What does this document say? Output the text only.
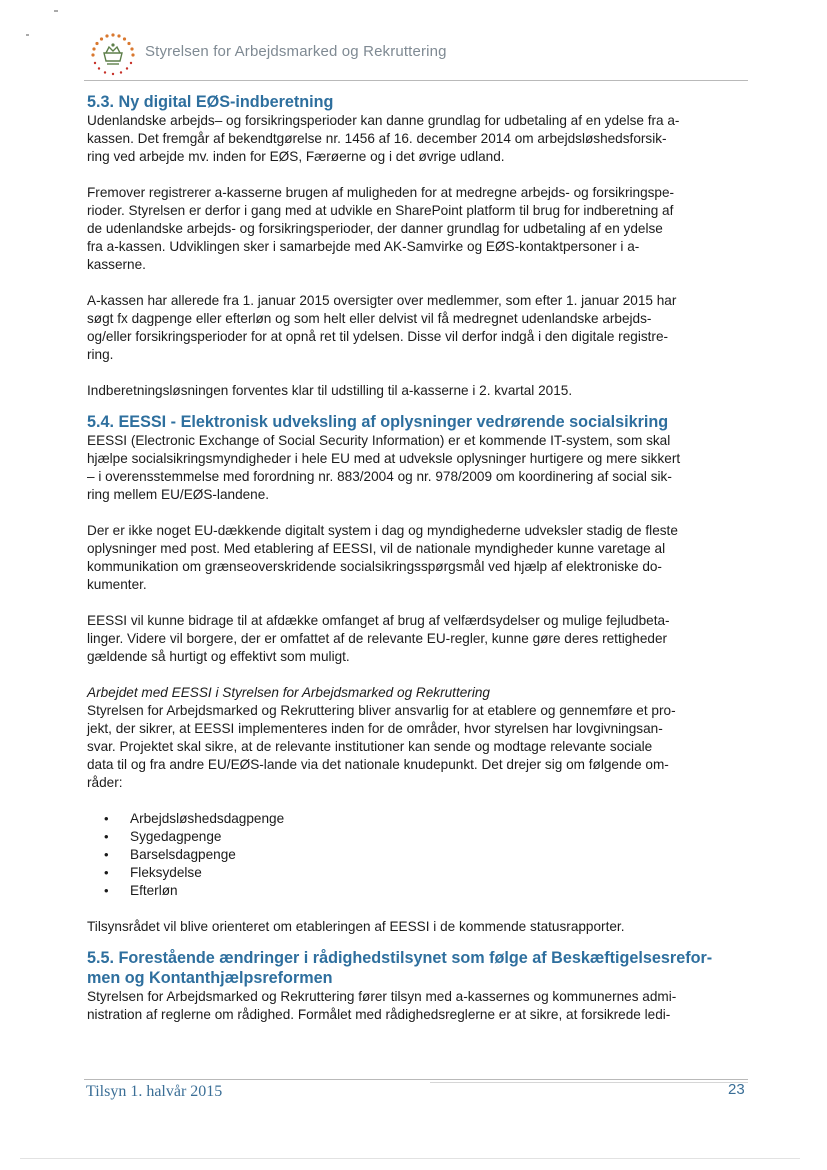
Styrelsen for Arbejdsmarked og Rekruttering
5.3. Ny digital EØS-indberetning

Udenlandske arbejds– og forsikringsperioder kan danne grundlag for udbetaling af en ydelse fra a-
kassen. Det fremgår af bekendtgørelse nr. 1456 af 16. december 2014 om arbejdsløshedsforsik-
ring ved arbejde mv. inden for EØS, Færøerne og i det øvrige udland.

Fremover registrerer a-kasserne brugen af muligheden for at medregne arbejds- og forsikringspe-
rioder. Styrelsen er derfor i gang med at udvikle en SharePoint platform til brug for indberetning af
de udenlandske arbejds- og forsikringsperioder, der danner grundlag for udbetaling af en ydelse
fra a-kassen. Udviklingen sker i samarbejde med AK-Samvirke og EØS-kontaktpersoner i a-
kasserne.

A-kassen har allerede fra 1. januar 2015 oversigter over medlemmer, som efter 1. januar 2015 har
søgt fx dagpenge eller efterløn og som helt eller delvist vil få medregnet udenlandske arbejds-
og/eller forsikringsperioder for at opnå ret til ydelsen. Disse vil derfor indgå i den digitale registre-
ring.

Indberetningsløsningen forventes klar til udstilling til a-kasserne i 2. kvartal 2015.

5.4. EESSI - Elektronisk udveksling af oplysninger vedrørende socialsikring

EESSI (Electronic Exchange of Social Security Information) er et kommende IT-system, som skal
hjælpe socialsikringsmyndigheder i hele EU med at udveksle oplysninger hurtigere og mere sikkert
– i overensstemmelse med forordning nr. 883/2004 og nr. 978/2009 om koordinering af social sik-
ring mellem EU/EØS-landene.

Der er ikke noget EU-dækkende digitalt system i dag og myndighederne udveksler stadig de fleste
oplysninger med post. Med etablering af EESSI, vil de nationale myndigheder kunne varetage al
kommunikation om grænseoverskridende socialsikringsspørgsmål ved hjælp af elektroniske do-
kumenter.

EESSI vil kunne bidrage til at afdække omfanget af brug af velfærdsydelser og mulige fejludbeta-
linger. Videre vil borgere, der er omfattet af de relevante EU-regler, kunne gøre deres rettigheder
gældende så hurtigt og effektivt som muligt.

Arbejdet med EESSI i Styrelsen for Arbejdsmarked og Rekruttering

Styrelsen for Arbejdsmarked og Rekruttering bliver ansvarlig for at etablere og gennemføre et pro-
jekt, der sikrer, at EESSI implementeres inden for de områder, hvor styrelsen har lovgivningsan-
svar. Projektet skal sikre, at de relevante institutioner kan sende og modtage relevante sociale
data til og fra andre EU/EØS-lande via det nationale knudepunkt. Det drejer sig om følgende om-
råder:

• Arbejdsløshedsdagpenge
• Sygedagpenge
• Barselsdagpenge
• Fleksydelse
• Efterløn

Tilsynsrådet vil blive orienteret om etableringen af EESSI i de kommende statusrapporter.

5.5. Forestående ændringer i rådighedstilsynet som følge af Beskæftigelsesrefor-
men og Kontanthjælpsreformen

Styrelsen for Arbejdsmarked og Rekruttering fører tilsyn med a-kassernes og kommunernes admi-
nistration af reglerne om rådighed. Formålet med rådighedsreglerne er at sikre, at forsikrede ledi-

Tilsyn 1. halvår 2015	23
